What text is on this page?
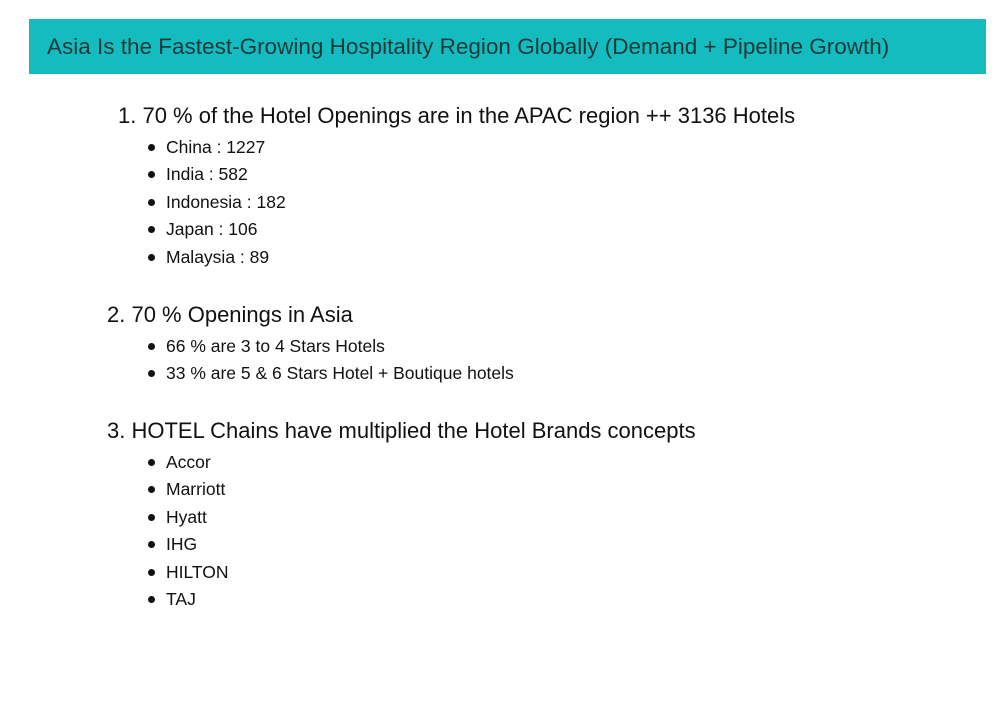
Asia Is the Fastest-Growing Hospitality Region Globally (Demand + Pipeline Growth)
1. 70 % of the Hotel Openings are in the APAC region ++ 3136 Hotels
China : 1227
India : 582
Indonesia : 182
Japan : 106
Malaysia : 89
2. 70 % Openings in Asia
66 % are 3 to 4 Stars Hotels
33 % are 5 & 6 Stars Hotel + Boutique hotels
3. HOTEL Chains have multiplied the Hotel Brands concepts
Accor
Marriott
Hyatt
IHG
HILTON
TAJ
